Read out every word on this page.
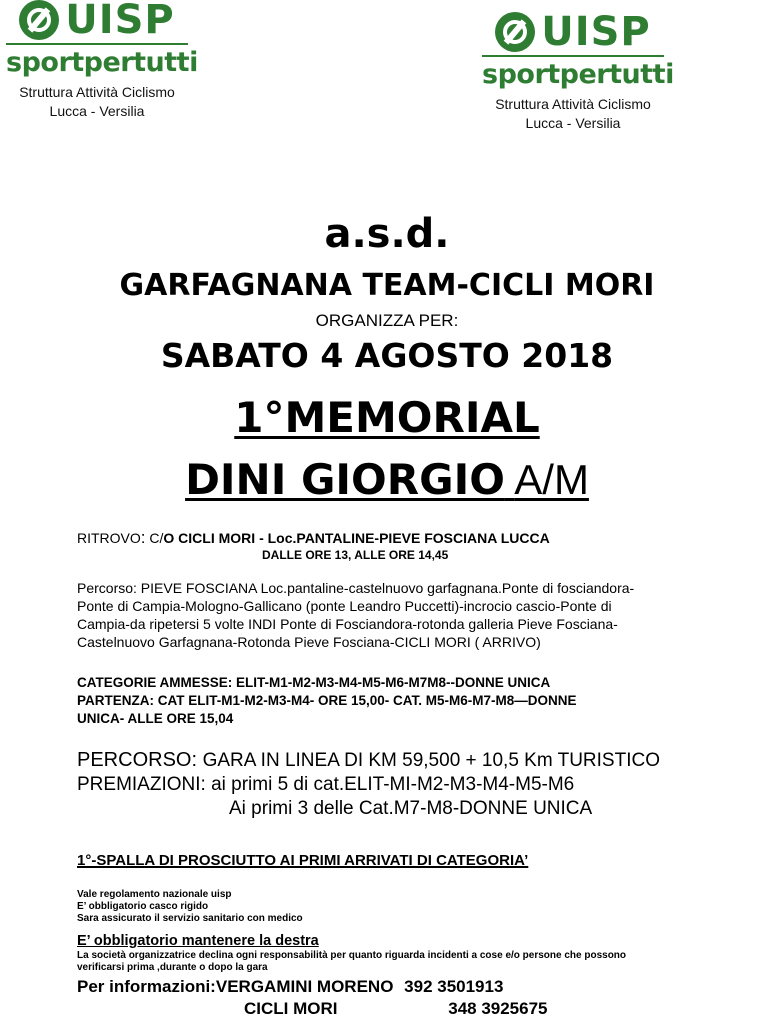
UISP
sportpertutti
Struttura Attività Ciclismo
Lucca - Versilia
UISP
sportpertutti
Struttura Attività Ciclismo
Lucca - Versilia
a.s.d.
GARFAGNANA TEAM-CICLI MORI
ORGANIZZA PER:
SABATO 4 AGOSTO 2018
1°MEMORIAL
DINI GIORGIO A/M
RITROVO: C/O CICLI MORI - Loc.PANTALINE-PIEVE FOSCIANA LUCCA
DALLE ORE 13, ALLE ORE 14,45
Percorso: PIEVE FOSCIANA Loc.pantaline-castelnuovo garfagnana.Ponte di fosciandora-
Ponte di Campia-Mologno-Gallicano (ponte Leandro Puccetti)-incrocio cascio-Ponte di
Campia-da ripetersi 5 volte INDI Ponte di Fosciandora-rotonda galleria Pieve Fosciana-
Castelnuovo Garfagnana-Rotonda Pieve Fosciana-CICLI MORI ( ARRIVO)
CATEGORIE AMMESSE: ELIT-M1-M2-M3-M4-M5-M6-M7M8--DONNE UNICA
PARTENZA: CAT ELIT-M1-M2-M3-M4- ORE 15,00- CAT. M5-M6-M7-M8—DONNE
UNICA- ALLE ORE 15,04
PERCORSO: GARA IN LINEA DI KM 59,500 + 10,5 Km TURISTICO
PREMIAZIONI: ai primi 5 di cat.ELIT-MI-M2-M3-M4-M5-M6
Ai primi 3 delle Cat.M7-M8-DONNE UNICA
1°-SPALLA DI PROSCIUTTO AI PRIMI ARRIVATI DI CATEGORIA’
Vale regolamento nazionale uisp
E’ obbligatorio casco rigido
Sara assicurato il servizio sanitario con medico
E’ obbligatorio mantenere la destra
La società organizzatrice declina ogni responsabilità per quanto riguarda incidenti a cose e/o persone che possono
verificarsi prima ,durante o dopo la gara
Per informazioni:VERGAMINI MORENO 392 3501913
CICLI MORI	348 3925675
